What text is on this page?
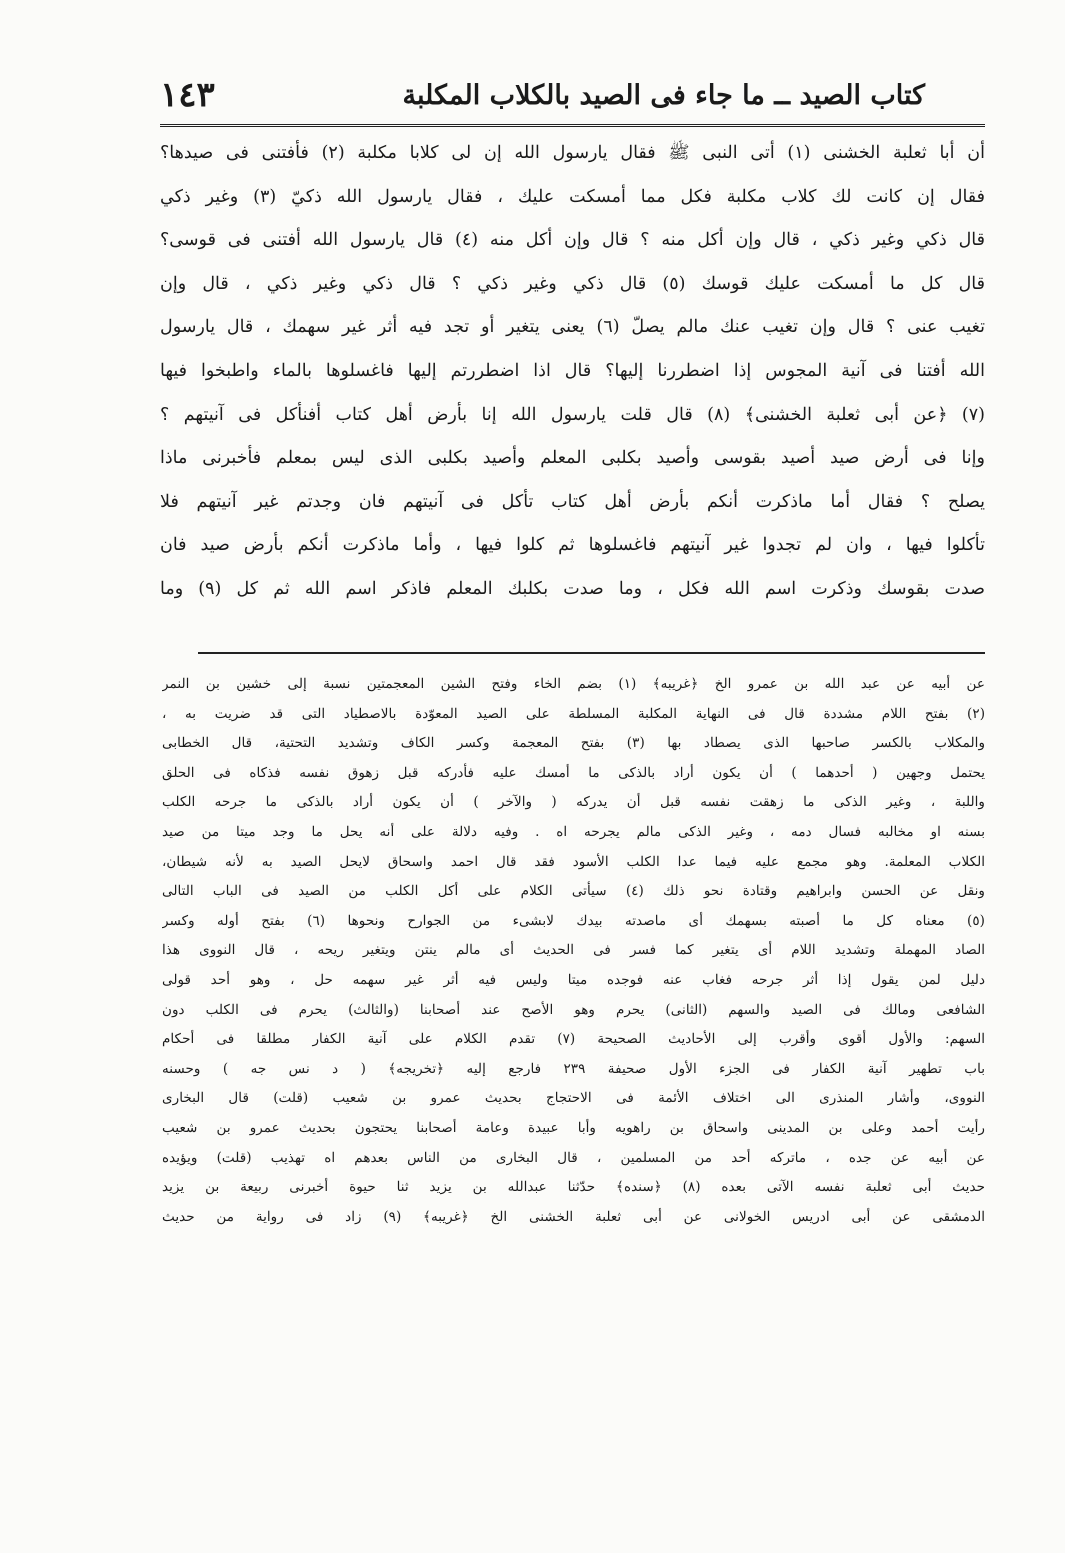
١٤٣	كتاب الصيد ــ ما جاء فى الصيد بالكلاب المكلبة
أن أبا ثعلبة الخشنى (١) أتى النبى ﷺ فقال يارسول الله إن لى كلابا مكلبة (٢) فأفتنى فى صيدها؟
فقال إن كانت لك كلاب مكلبة فكل مما أمسكت عليك ، فقال يارسول الله ذكيّ (٣) وغير ذكي
قال ذكي وغير ذكي ، قال وإن أكل منه ؟ قال وإن أكل منه (٤) قال يارسول الله أفتنى فى قوسى؟
قال كل ما أمسكت عليك قوسك (٥) قال ذكي وغير ذكي ؟ قال ذكي وغير ذكي ، قال وإن
تغيب عنى ؟ قال وإن تغيب عنك مالم يصلّ (٦) يعنى يتغير أو تجد فيه أثر غير سهمك ، قال يارسول
الله أفتنا فى آنية المجوس إذا اضطررنا إليها؟ قال اذا اضطررتم إليها فاغسلوها بالماء واطبخوا فيها
(٧) ﴿عن أبى ثعلبة الخشنى﴾ (٨) قال قلت يارسول الله إنا بأرض أهل كتاب أفنأكل فى آنيتهم ؟
وإنا فى أرض صيد أصيد بقوسى وأصيد بكلبى المعلم وأصيد بكلبى الذى ليس بمعلم فأخبرنى ماذا
يصلح ؟ فقال أما ماذكرت أنكم بأرض أهل كتاب تأكل فى آنيتهم فان وجدتم غير آنيتهم فلا
تأكلوا فيها ، وان لم تجدوا غير آنيتهم فاغسلوها ثم كلوا فيها ، وأما ماذكرت أنكم بأرض صيد فان
صدت بقوسك وذكرت اسم الله فكل ، وما صدت بكلبك المعلم فاذكر اسم الله ثم كل (٩) وما
عن أبيه عن عبد الله بن عمرو الخ ﴿غريبه﴾ (١) بضم الخاء وفتح الشين المعجمتين نسبة إلى خشين بن النمر
(٢) بفتح اللام مشددة قال فى النهاية المكلبة المسلطة على الصيد المعوّدة بالاصطياد التى قد ضريت به ،
والمكلاب بالكسر صاحبها الذى يصطاد بها (٣) بفتح المعجمة وكسر الكاف وتشديد التحتية، قال الخطابى
يحتمل وجهين ( أحدهما ) أن يكون أراد بالذكى ما أمسك عليه فأدركه قبل زهوق نفسه فذكاه فى الحلق
واللبة ، وغير الذكى ما زهقت نفسه قبل أن يدركه ( والآخر ) أن يكون أراد بالذكى ما جرحه الكلب
بسنه او مخالبه فسال دمه ، وغير الذكى مالم يجرحه اه . وفيه دلالة على أنه يحل ما وجد ميتا من صيد
الكلاب المعلمة. وهو مجمع عليه فيما عدا الكلب الأسود فقد قال احمد واسحاق لايحل الصيد به لأنه شيطان،
ونقل عن الحسن وابراهيم وقتادة نحو ذلك (٤) سيأتى الكلام على أكل الكلب من الصيد فى الباب التالى
(٥) معناه كل ما أصبته بسهمك أى ماصدته بيدك لابشىء من الجوارح ونحوها (٦) بفتح أوله وكسر
الصاد المهملة وتشديد اللام أى يتغير كما فسر فى الحديث أى مالم ينتن ويتغير ريحه ، قال النووى هذا
دليل لمن يقول إذا أثر جرحه فغاب عنه فوجده ميتا وليس فيه أثر غير سهمه حل ، وهو أحد قولى
الشافعى ومالك فى الصيد والسهم (الثانى) يحرم وهو الأصح عند أصحابنا (والثالث) يحرم فى الكلب دون
السهم: والأول أقوى وأقرب إلى الأحاديث الصحيحة (٧) تقدم الكلام على آنية الكفار مطلقا فى أحكام
باب تطهير آنية الكفار فى الجزء الأول صحيفة ٢٣٩ فارجع إليه ﴿تخريجه﴾ ( د نس جه ) وحسنه
النووى، وأشار المنذرى الى اختلاف الأئمة فى الاحتجاج بحديث عمرو بن شعيب (قلت) قال البخارى
رأيت أحمد وعلى بن المدينى واسحاق بن راهويه وأبا عبيدة وعامة أصحابنا يحتجون بحديث عمرو بن شعيب
عن أبيه عن جده ، ماتركه أحد من المسلمين ، قال البخارى من الناس بعدهم اه تهذيب (قلت) ويؤيده
حديث أبى ثعلبة نفسه الآتى بعده (٨) ﴿سنده﴾ حدّثنا عبدالله بن يزيد ثنا حيوة أخبرنى ربيعة بن يزيد
الدمشقى عن أبى ادريس الخولانى عن أبى ثعلبة الخشنى الخ ﴿غريبه﴾ (٩) زاد فى رواية من حديث
